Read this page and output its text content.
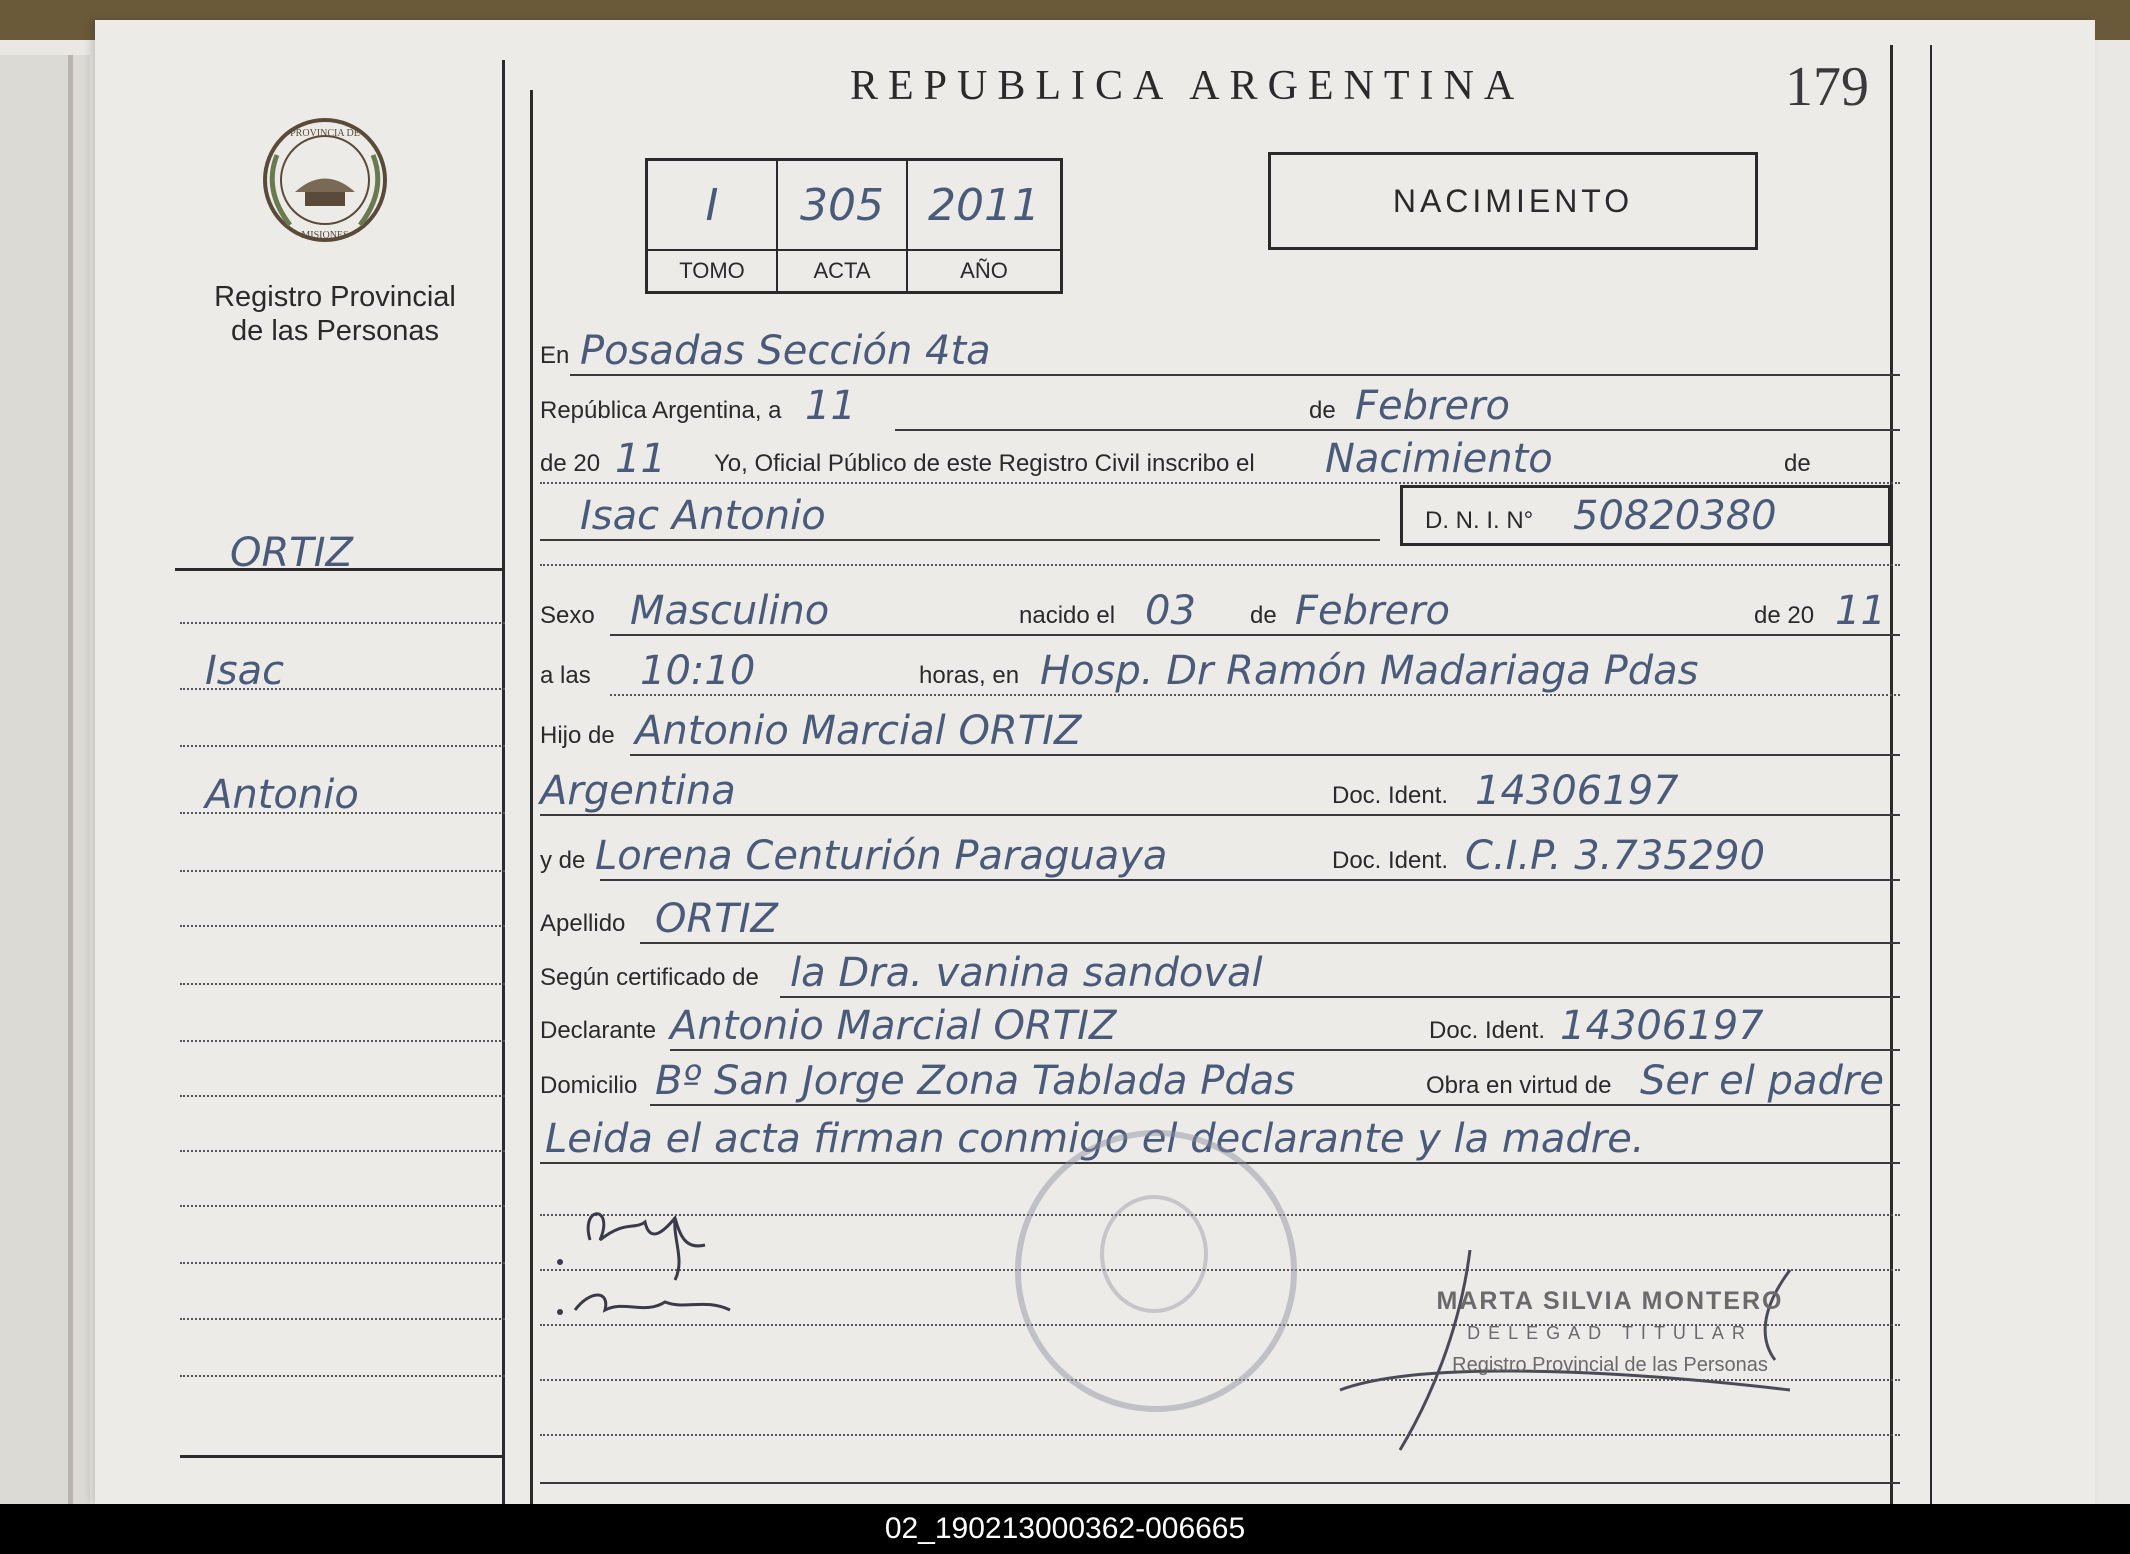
REPUBLICA ARGENTINA	179
PROVINCIA DE
MISIONES
Registro Provincial
de las Personas
I	305	2011
TOMO	ACTA	AÑO
NACIMIENTO
ORTIZ
Isac
Antonio
En Posadas Sección 4ta
República Argentina, a 11	de Febrero
de 20 11 Yo, Oficial Público de este Registro Civil inscribo el Nacimiento	de
Isac Antonio	D. N. I. N° 50820380
Sexo Masculino	nacido el 03 de Febrero	de 20 11
a las 10:10	horas, en Hosp. Dr Ramón Madariaga Pdas
Hijo de Antonio Marcial ORTIZ
Argentina	Doc. Ident. 14306197
y de Lorena Centurión Paraguaya	Doc. Ident. C.I.P. 3.735290
Apellido ORTIZ
Según certificado de la Dra. vanina sandoval
Declarante Antonio Marcial ORTIZ	Doc. Ident. 14306197
Domicilio Bº San Jorge Zona Tablada Pdas	Obra en virtud de Ser el padre
Leida el acta firman conmigo el declarante y la madre.
MARTA SILVIA MONTERO
DELEGAD TITULAR
Registro Provincial de las Personas
02_190213000362-006665
